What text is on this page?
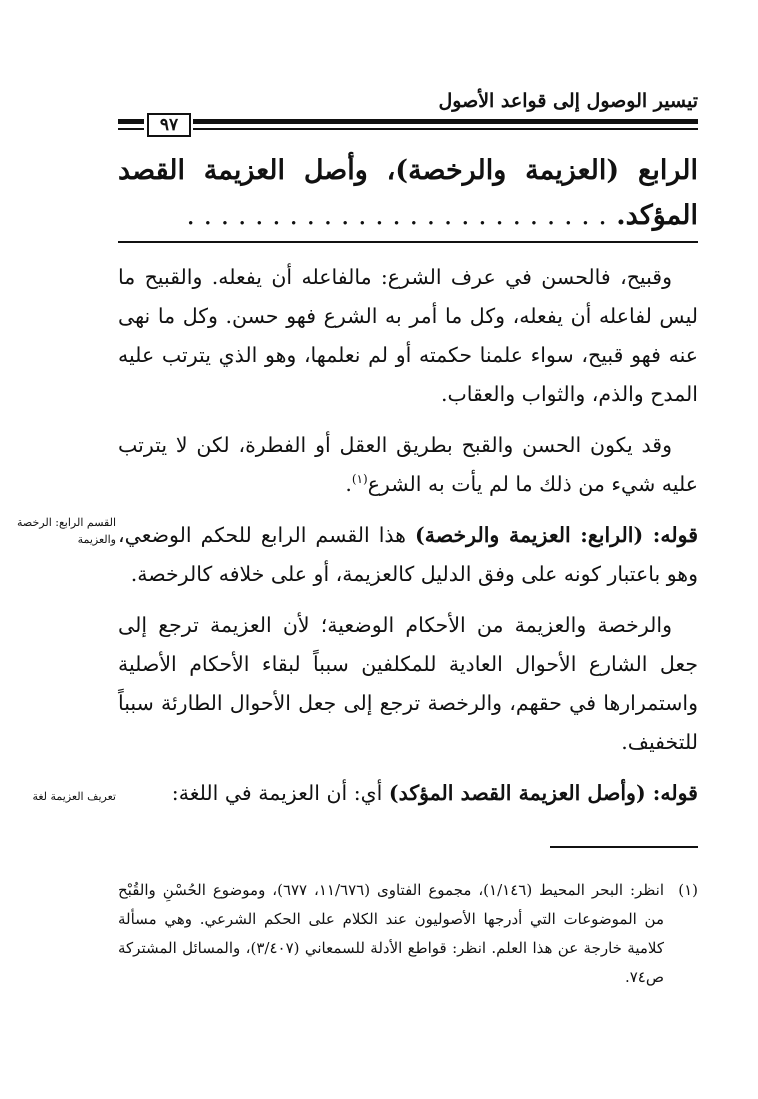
تيسير الوصول إلى قواعد الأصول
٩٧
الرابع (العزيمة والرخصة)، وأصل العزيمة القصد المؤكد. . . . . . . . . . . . . . . . . . . . . . . . . .

وقبيح، فالحسن في عرف الشرع: مالفاعله أن يفعله. والقبيح ما ليس لفاعله أن يفعله، وكل ما أمر به الشرع فهو حسن. وكل ما نهى عنه فهو قبيح، سواء علمنا حكمته أو لم نعلمها، وهو الذي يترتب عليه المدح والذم، والثواب والعقاب.

وقد يكون الحسن والقبح بطريق العقل أو الفطرة، لكن لا يترتب عليه شيء من ذلك ما لم يأت به الشرع$^{(١)}$.

قوله: (الرابع: العزيمة والرخصة) هذا القسم الرابع للحكم الوضعي، وهو باعتبار كونه على وفق الدليل كالعزيمة، أو على خلافه كالرخصة.

والرخصة والعزيمة من الأحكام الوضعية؛ لأن العزيمة ترجع إلى جعل الشارع الأحوال العادية للمكلفين سبباً لبقاء الأحكام الأصلية واستمرارها في حقهم، والرخصة ترجع إلى جعل الأحوال الطارئة سبباً للتخفيف.

قوله: (وأصل العزيمة القصد المؤكد) أي: أن العزيمة في اللغة:

القسم الرابع: الرخصة والعزيمة
تعريف العزيمة لغة
(١)
انظر: البحر المحيط (١/١٤٦)، مجموع الفتاوى (١١/٦٧٦، ٦٧٧)، وموضوع الحُسْنِ والقُبْح من الموضوعات التي أدرجها الأصوليون عند الكلام على الحكم الشرعي. وهي مسألة كلامية خارجة عن هذا العلم. انظر: قواطع الأدلة للسمعاني (٣/٤٠٧)، والمسائل المشتركة ص٧٤.
